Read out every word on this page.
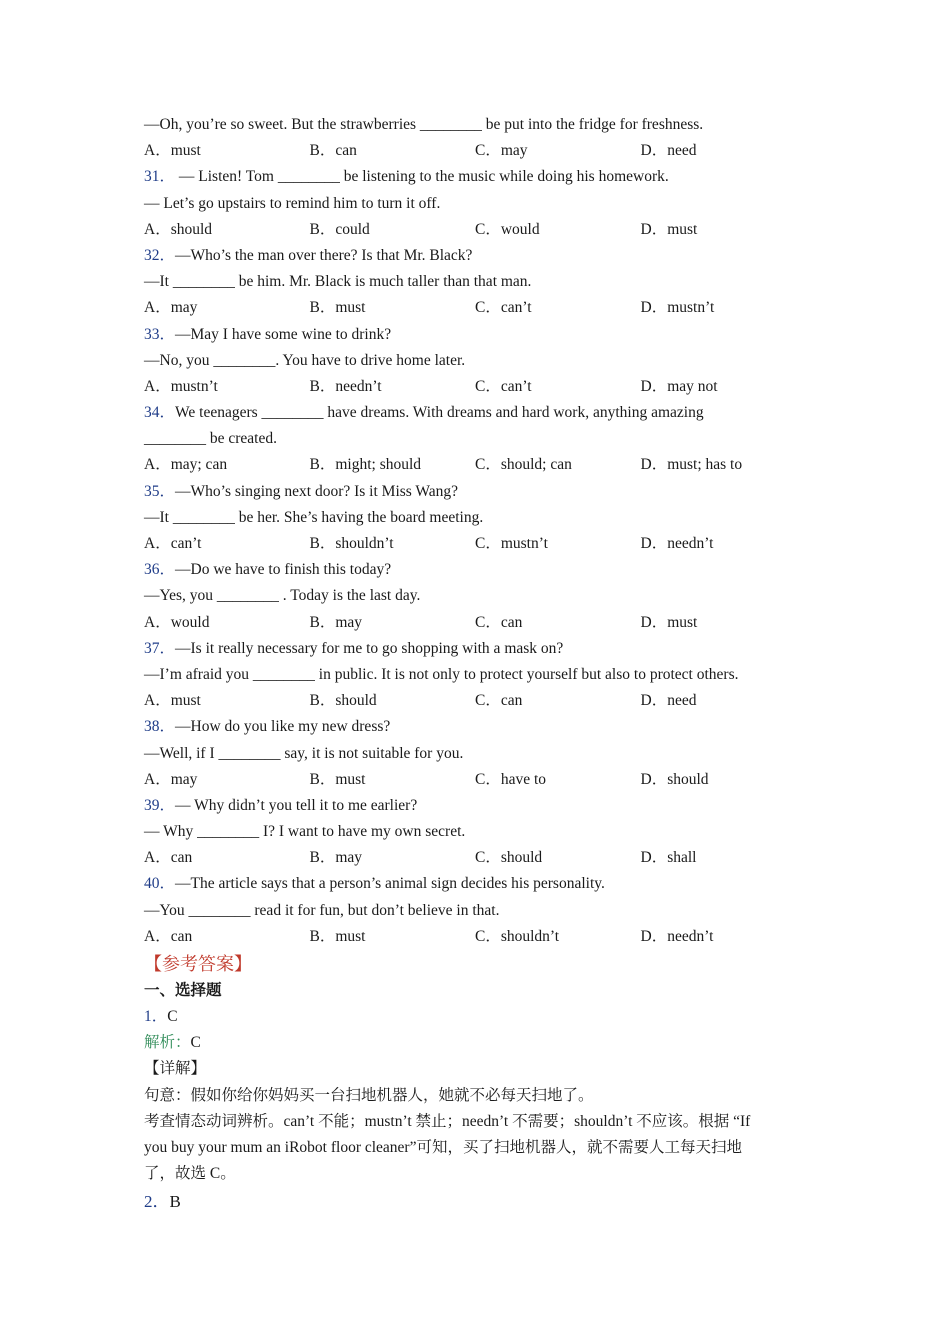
—Oh, you’re so sweet. But the strawberries ________ be put into the fridge for freshness.
A．must	B．can	C．may	D．need
31． — Listen! Tom ________ be listening to the music while doing his homework.
— Let’s go upstairs to remind him to turn it off.
A．should	B．could	C．would	D．must
32．—Who’s the man over there? Is that Mr. Black?
—It ________ be him. Mr. Black is much taller than that man.
A．may	B．must	C．can’t	D．mustn’t
33．—May I have some wine to drink?
—No, you ________. You have to drive home later.
A．mustn’t	B．needn’t	C．can’t	D．may not
34．We teenagers ________ have dreams. With dreams and hard work, anything amazing
________ be created.
A．may; can	B．might; should	C．should; can	D．must; has to
35．—Who’s singing next door? Is it Miss Wang?
—It ________ be her. She’s having the board meeting.
A．can’t	B．shouldn’t	C．mustn’t	D．needn’t
36．—Do we have to finish this today?
—Yes, you ________ . Today is the last day.
A．would	B．may	C．can	D．must
37．—Is it really necessary for me to go shopping with a mask on?
—I’m afraid you ________ in public. It is not only to protect yourself but also to protect others.
A．must	B．should	C．can	D．need
38．—How do you like my new dress?
—Well, if I ________ say, it is not suitable for you.
A．may	B．must	C．have to	D．should
39．— Why didn’t you tell it to me earlier?
— Why ________ I? I want to have my own secret.
A．can	B．may	C．should	D．shall
40．—The article says that a person’s animal sign decides his personality.
—You ________ read it for fun, but don’t believe in that.
A．can	B．must	C．shouldn’t	D．needn’t
【参考答案】
一、选择题
1．C
解析：C
【详解】
句意：假如你给你妈妈买一台扫地机器人，她就不必每天扫地了。
考查情态动词辨析。can’t 不能；mustn’t 禁止；needn’t 不需要；shouldn’t 不应该。根据 “If
you buy your mum an iRobot floor cleaner”可知，买了扫地机器人，就不需要人工每天扫地
了，故选 C。
2．B
